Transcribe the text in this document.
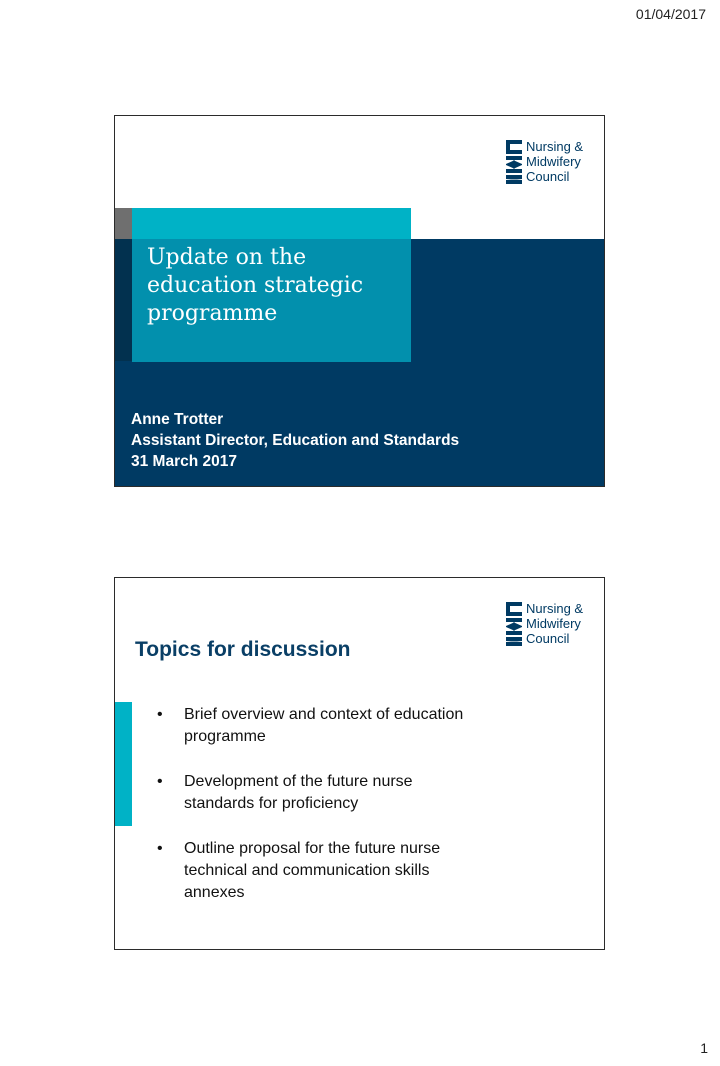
01/04/2017
Nursing &
Midwifery
Council
Update on the
education strategic
programme
Anne Trotter
Assistant Director, Education and Standards
31 March 2017
Nursing &
Midwifery
Council
Topics for discussion
• Brief overview and context of education
programme
• Development of the future nurse
standards for proficiency
• Outline proposal for the future nurse
technical and communication skills
annexes
1
